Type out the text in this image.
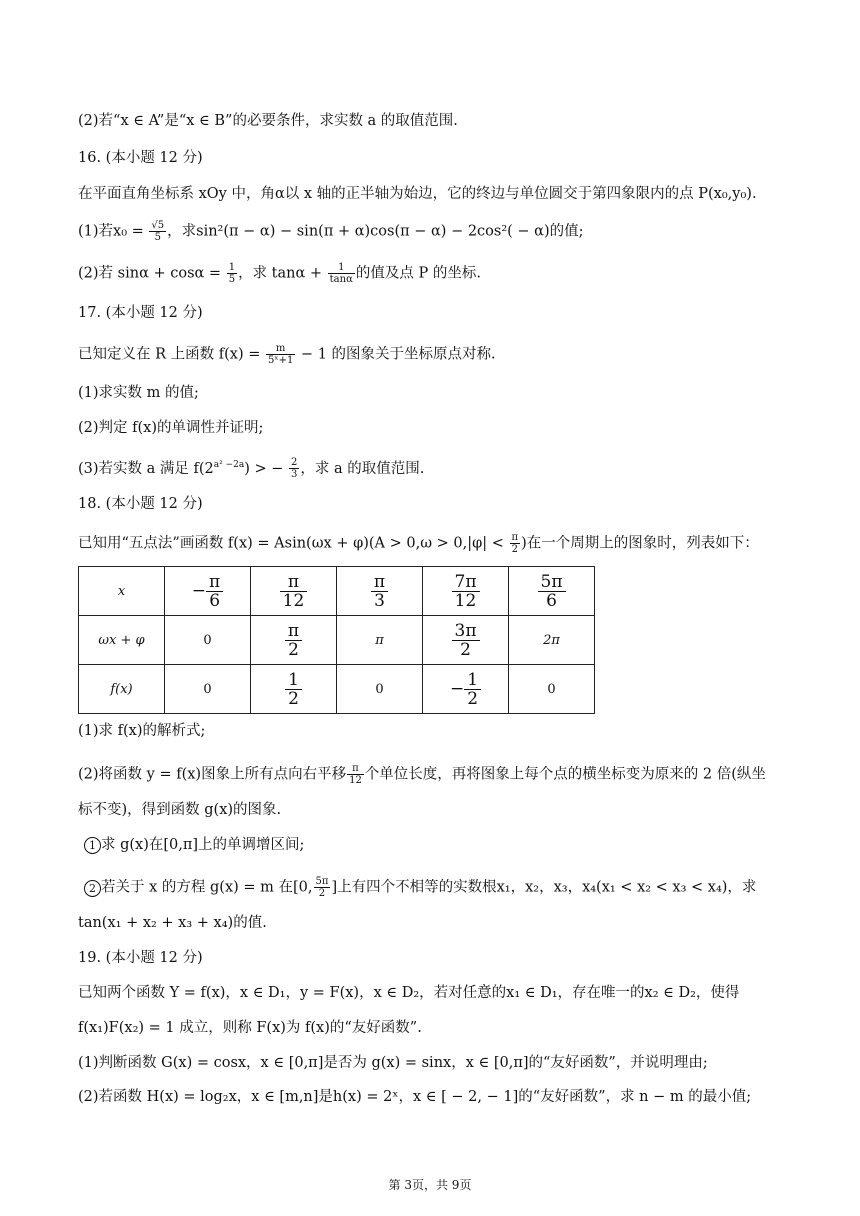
(2)若“x ∈ A”是“x ∈ B”的必要条件，求实数 a 的取值范围.
16. (本小题 12 分)
在平面直角坐标系 xOy 中，角α以 x 轴的正半轴为始边，它的终边与单位圆交于第四象限内的点 P(x₀,y₀).
(1)若$x_0 = \frac{√5}{5}$ ，求sin²(π − α) − sin(π + α)cos(π − α) − 2cos²( − α)的值;
(2)若 $\sin\alpha + \cos\alpha = \frac{1}{5}$ ，求 $\tan\alpha + \frac{1}{\tan\alpha}$ 的值及点 P 的坐标.
17. (本小题 12 分)
已知定义在 R 上函数 $f(x) = \frac{m}{\text{5ˣ+1}} - 1$ 的图象关于坐标原点对称.
(1)求实数 m 的值;
(2)判定 f(x)的单调性并证明;
(3)若实数 a 满足 $f(2^{a^2 -2a})$ > − $\frac{2}{3}$ ，求 a 的取值范围.
18. (本小题 12 分)
已知用“五点法”画函数 $f(x) = Asin(\omega x + \varphi)(A > 0,\omega > 0,|\varphi| < \frac{\pi}{2}$ )在一个周期上的图象时，列表如下：
x	− $\frac{\pi}{6}$	$\frac{\pi}{12}$	$\frac{\pi}{3}$	$\frac{7\pi}{12}$	$\frac{5\pi}{6}$

ωx + φ	0	$\frac{\pi}{2}$	π	$\frac{3\pi}{2}$	2π
f(x)	0	$\frac{1}{2}$	0	− $\frac{1}{2}$	0
(1)求 f(x)的解析式;
(2)将函数 y = f(x)图象上所有点向右平移 $\frac{\pi}{12}$ 个单位长度，再将图象上每个点的横坐标变为原来的 2 倍(纵坐
标不变)，得到函数 g(x)的图象.
1 求 g(x)在[0,π]上的单调增区间;
2 若关于 x 的方程 g(x) = m 在[0, $\frac{5\pi}{2}$ ]上有四个不相等的实数根x₁，x₂，x₃，x₄(x₁ < x₂ < x₃ < x₄)，求
tan(x₁ + x₂ + x₃ + x₄)的值.
19. (本小题 12 分)
已知两个函数 Y = f(x)，x ∈ D₁，y = F(x)，x ∈ D₂，若对任意的x₁ ∈ D₁，存在唯一的x₂ ∈ D₂，使得
f(x₁)F(x₂) = 1 成立，则称 F(x)为 f(x)的“友好函数”.
(1)判断函数 G(x) = cosx，x ∈ [0,π]是否为 g(x) = sinx，x ∈ [0,π]的“友好函数”，并说明理由;
(2)若函数 H(x) = log₂x，x ∈ [m,n]是h(x) = 2ˣ，x ∈ [ − 2, − 1]的“友好函数”，求 n − m 的最小值;
第 3页，共 9页
